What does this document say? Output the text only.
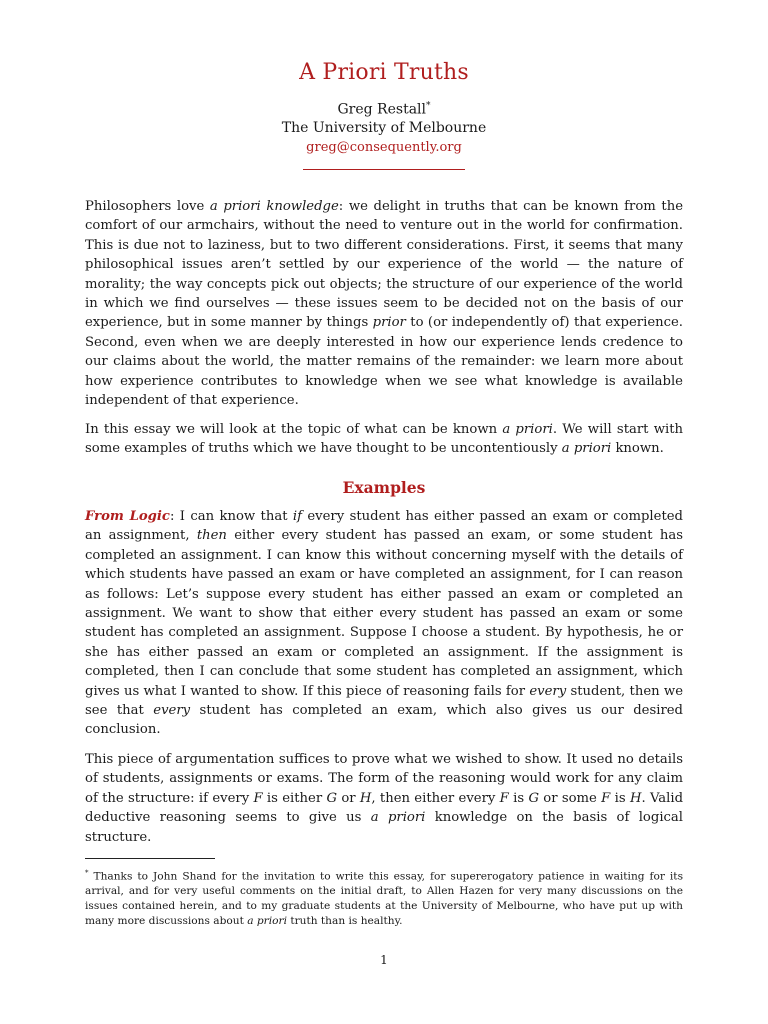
A Priori Truths
Greg Restall*
The University of Melbourne
greg@consequently.org

Philosophers love a priori knowledge: we delight in truths that can be known from the comfort of our armchairs, without the need to venture out in the world for confirmation. This is due not to laziness, but to two different considerations. First, it seems that many philosophical issues aren’t settled by our experience of the world — the nature of morality; the way concepts pick out objects; the structure of our experience of the world in which we find ourselves — these issues seem to be decided not on the basis of our experience, but in some manner by things prior to (or independently of) that experience. Second, even when we are deeply interested in how our experience lends credence to our claims about the world, the matter remains of the remainder: we learn more about how experience contributes to knowledge when we see what knowledge is available independent of that experience.

In this essay we will look at the topic of what can be known a priori. We will start with some examples of truths which we have thought to be uncontentiously a priori known.

Examples

From Logic: I can know that if every student has either passed an exam or completed an assignment, then either every student has passed an exam, or some student has completed an assignment. I can know this without concerning myself with the details of which students have passed an exam or have completed an assignment, for I can reason as follows: Let’s suppose every student has either passed an exam or completed an assignment. We want to show that either every student has passed an exam or some student has completed an assignment. Suppose I choose a student. By hypothesis, he or she has either passed an exam or completed an assignment. If the assignment is completed, then I can conclude that some student has completed an assignment, which gives us what I wanted to show. If this piece of reasoning fails for every student, then we see that every student has completed an exam, which also gives us our desired conclusion.

This piece of argumentation suffices to prove what we wished to show. It used no details of students, assignments or exams. The form of the reasoning would work for any claim of the structure: if every F is either G or H, then either every F is G or some F is H. Valid deductive reasoning seems to give us a priori knowledge on the basis of logical structure.

* Thanks to John Shand for the invitation to write this essay, for supererogatory patience in waiting for its arrival, and for very useful comments on the initial draft, to Allen Hazen for very many discussions on the issues contained herein, and to my graduate students at the University of Melbourne, who have put up with many more discussions about a priori truth than is healthy.

1
